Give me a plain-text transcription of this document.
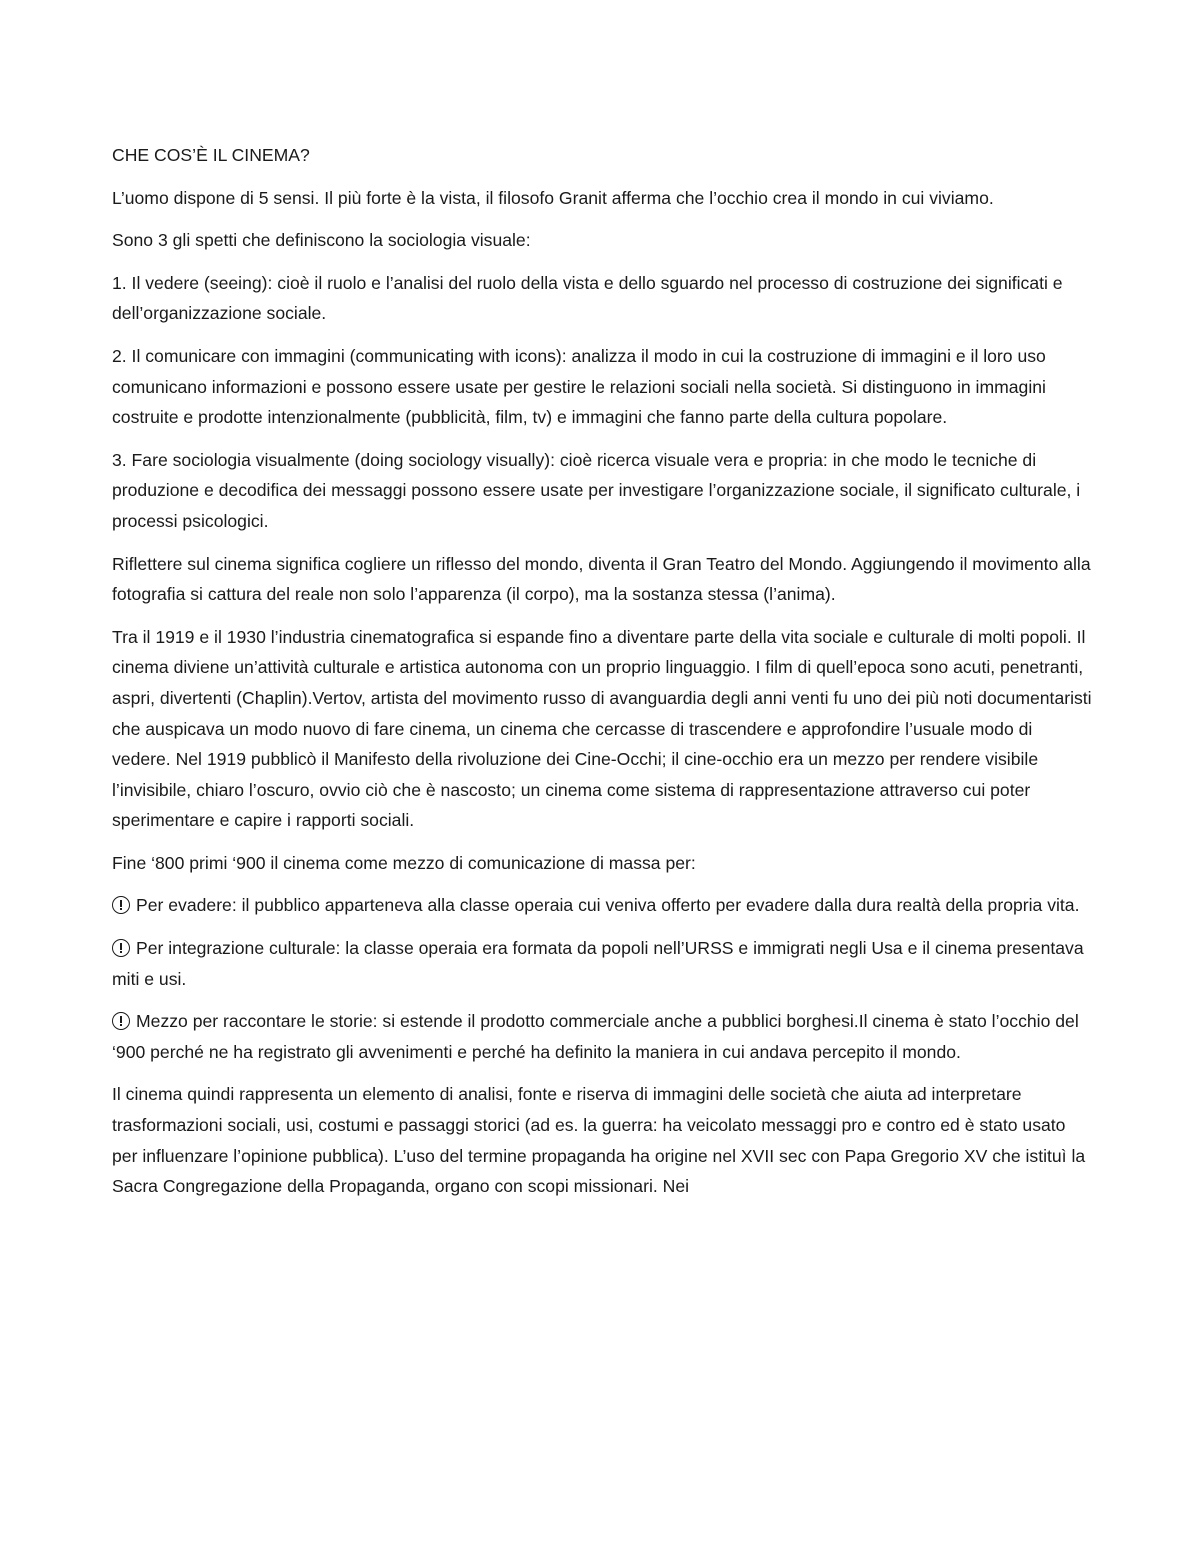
CHE COS’È IL CINEMA?

L’uomo dispone di 5 sensi. Il più forte è la vista, il filosofo Granit afferma che l’occhio crea il mondo in cui viviamo.

Sono 3 gli spetti che definiscono la sociologia visuale:

1. Il vedere (seeing): cioè il ruolo e l’analisi del ruolo della vista e dello sguardo nel processo di costruzione dei significati e dell’organizzazione sociale.

2. Il comunicare con immagini (communicating with icons): analizza il modo in cui la costruzione di immagini e il loro uso comunicano informazioni e possono essere usate per gestire le relazioni sociali nella società. Si distinguono in immagini costruite e prodotte intenzionalmente (pubblicità, film, tv) e immagini che fanno parte della cultura popolare.

3. Fare sociologia visualmente (doing sociology visually): cioè ricerca visuale vera e propria: in che modo le tecniche di produzione e decodifica dei messaggi possono essere usate per investigare l’organizzazione sociale, il significato culturale, i processi psicologici.

Riflettere sul cinema significa cogliere un riflesso del mondo, diventa il Gran Teatro del Mondo. Aggiungendo il movimento alla fotografia si cattura del reale non solo l’apparenza (il corpo), ma la sostanza stessa (l’anima).

Tra il 1919 e il 1930 l’industria cinematografica si espande fino a diventare parte della vita sociale e culturale di molti popoli. Il cinema diviene un’attività culturale e artistica autonoma con un proprio linguaggio. I film di quell’epoca sono acuti, penetranti, aspri, divertenti (Chaplin).Vertov, artista del movimento russo di avanguardia degli anni venti fu uno dei più noti documentaristi che auspicava un modo nuovo di fare cinema, un cinema che cercasse di trascendere e approfondire l’usuale modo di vedere. Nel 1919 pubblicò il Manifesto della rivoluzione dei Cine-Occhi; il cine-occhio era un mezzo per rendere visibile l’invisibile, chiaro l’oscuro, ovvio ciò che è nascosto; un cinema come sistema di rappresentazione attraverso cui poter sperimentare e capire i rapporti sociali.

Fine ‘800 primi ‘900 il cinema come mezzo di comunicazione di massa per:

Per evadere: il pubblico apparteneva alla classe operaia cui veniva offerto per evadere dalla dura realtà della propria vita.

Per integrazione culturale: la classe operaia era formata da popoli nell’URSS e immigrati negli Usa e il cinema presentava miti e usi.

Mezzo per raccontare le storie: si estende il prodotto commerciale anche a pubblici borghesi.Il cinema è stato l’occhio del ‘900 perché ne ha registrato gli avvenimenti e perché ha definito la maniera in cui andava percepito il mondo.

Il cinema quindi rappresenta un elemento di analisi, fonte e riserva di immagini delle società che aiuta ad interpretare trasformazioni sociali, usi, costumi e passaggi storici (ad es. la guerra: ha veicolato messaggi pro e contro ed è stato usato per influenzare l’opinione pubblica). L’uso del termine propaganda ha origine nel XVII sec con Papa Gregorio XV che istituì la Sacra Congregazione della Propaganda, organo con scopi missionari. Nei
